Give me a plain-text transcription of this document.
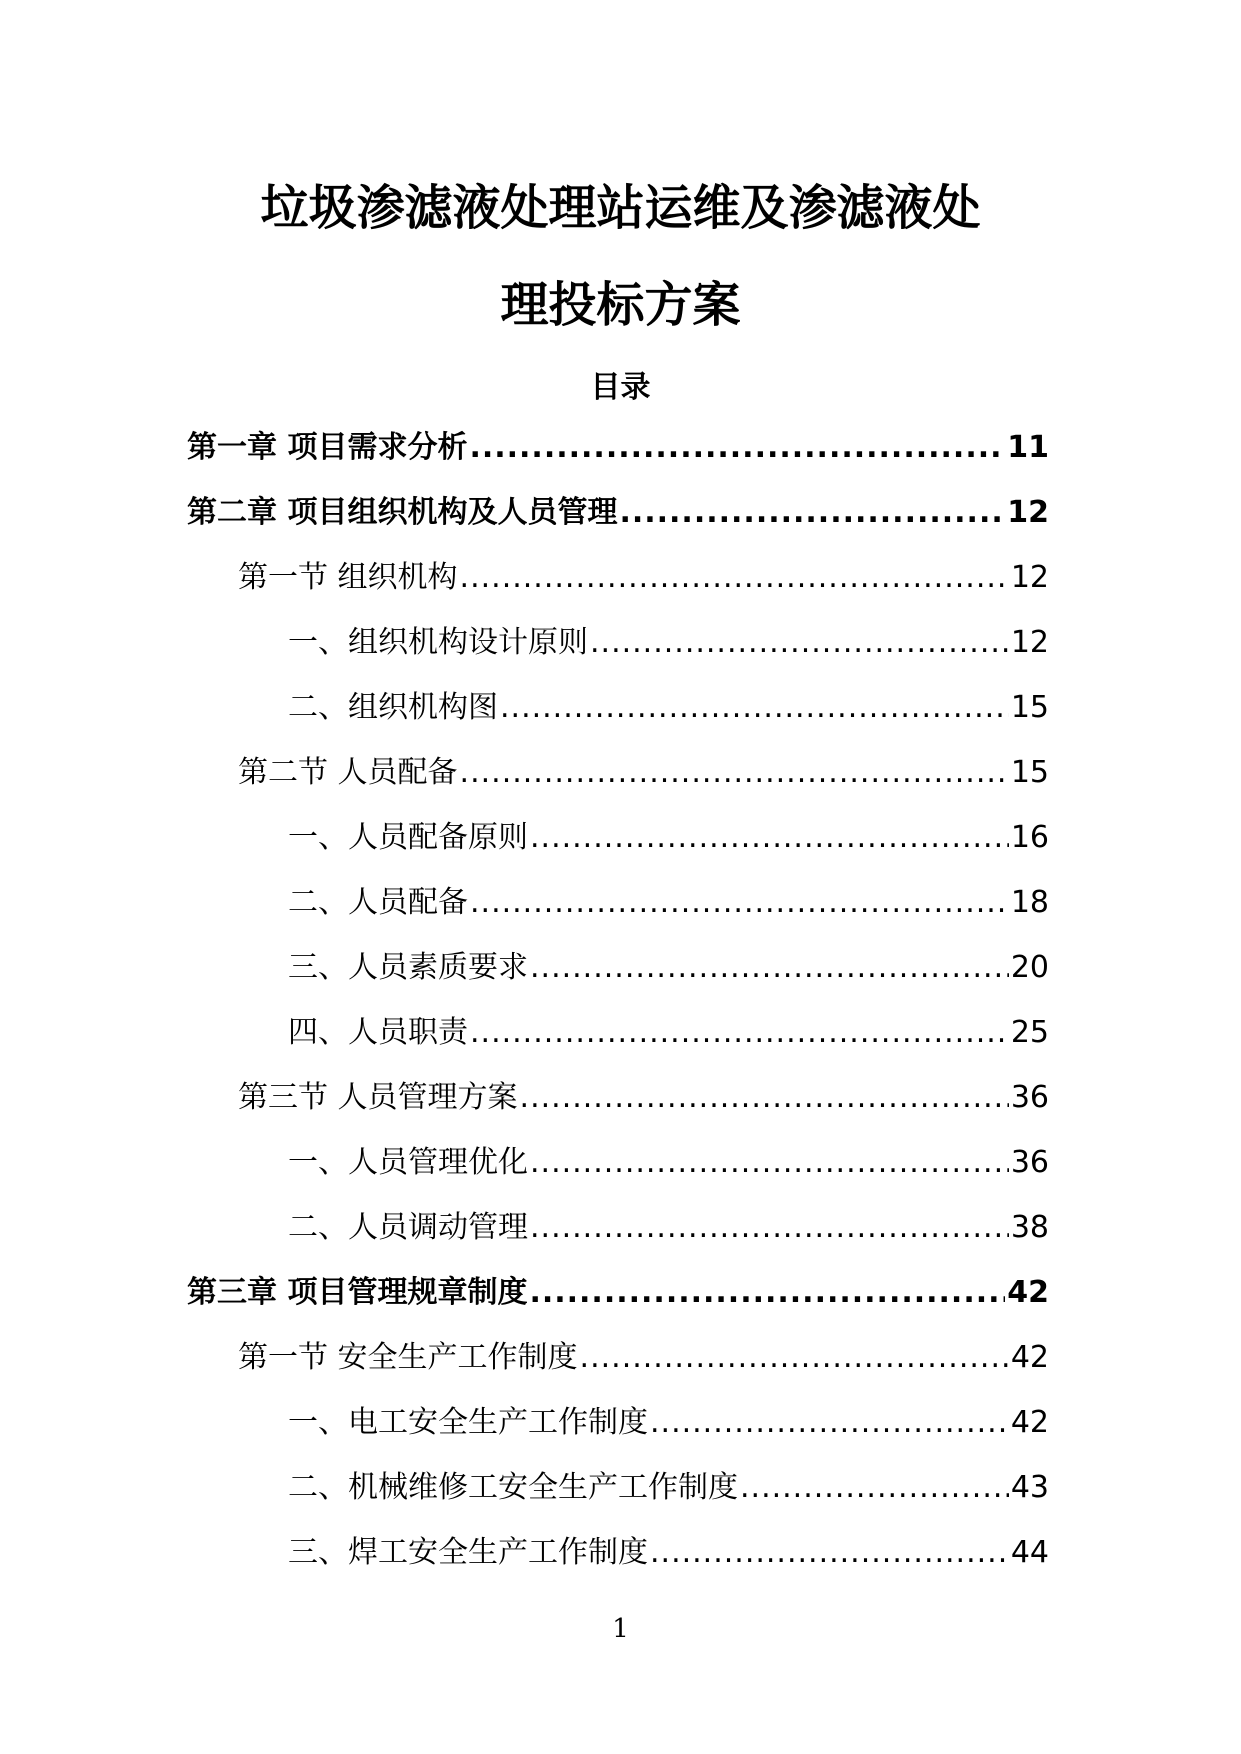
垃圾渗滤液处理站运维及渗滤液处
理投标方案
目录
第一章 项目需求分析 .....	11
第二章 项目组织机构及人员管理 .....	12
第一节 组织机构 .....	12
一、组织机构设计原则 .....	12
二、组织机构图 .....	15
第二节 人员配备 .....	15
一、人员配备原则 .....	16
二、人员配备 .....	18
三、人员素质要求 .....	20
四、人员职责 .....	25
第三节 人员管理方案 .....	36
一、人员管理优化 .....	36
二、人员调动管理 .....	38
第三章 项目管理规章制度 .....	42
第一节 安全生产工作制度 .....	42
一、电工安全生产工作制度 .....	42
二、机械维修工安全生产工作制度 .....	43
三、焊工安全生产工作制度 .....	44
1
